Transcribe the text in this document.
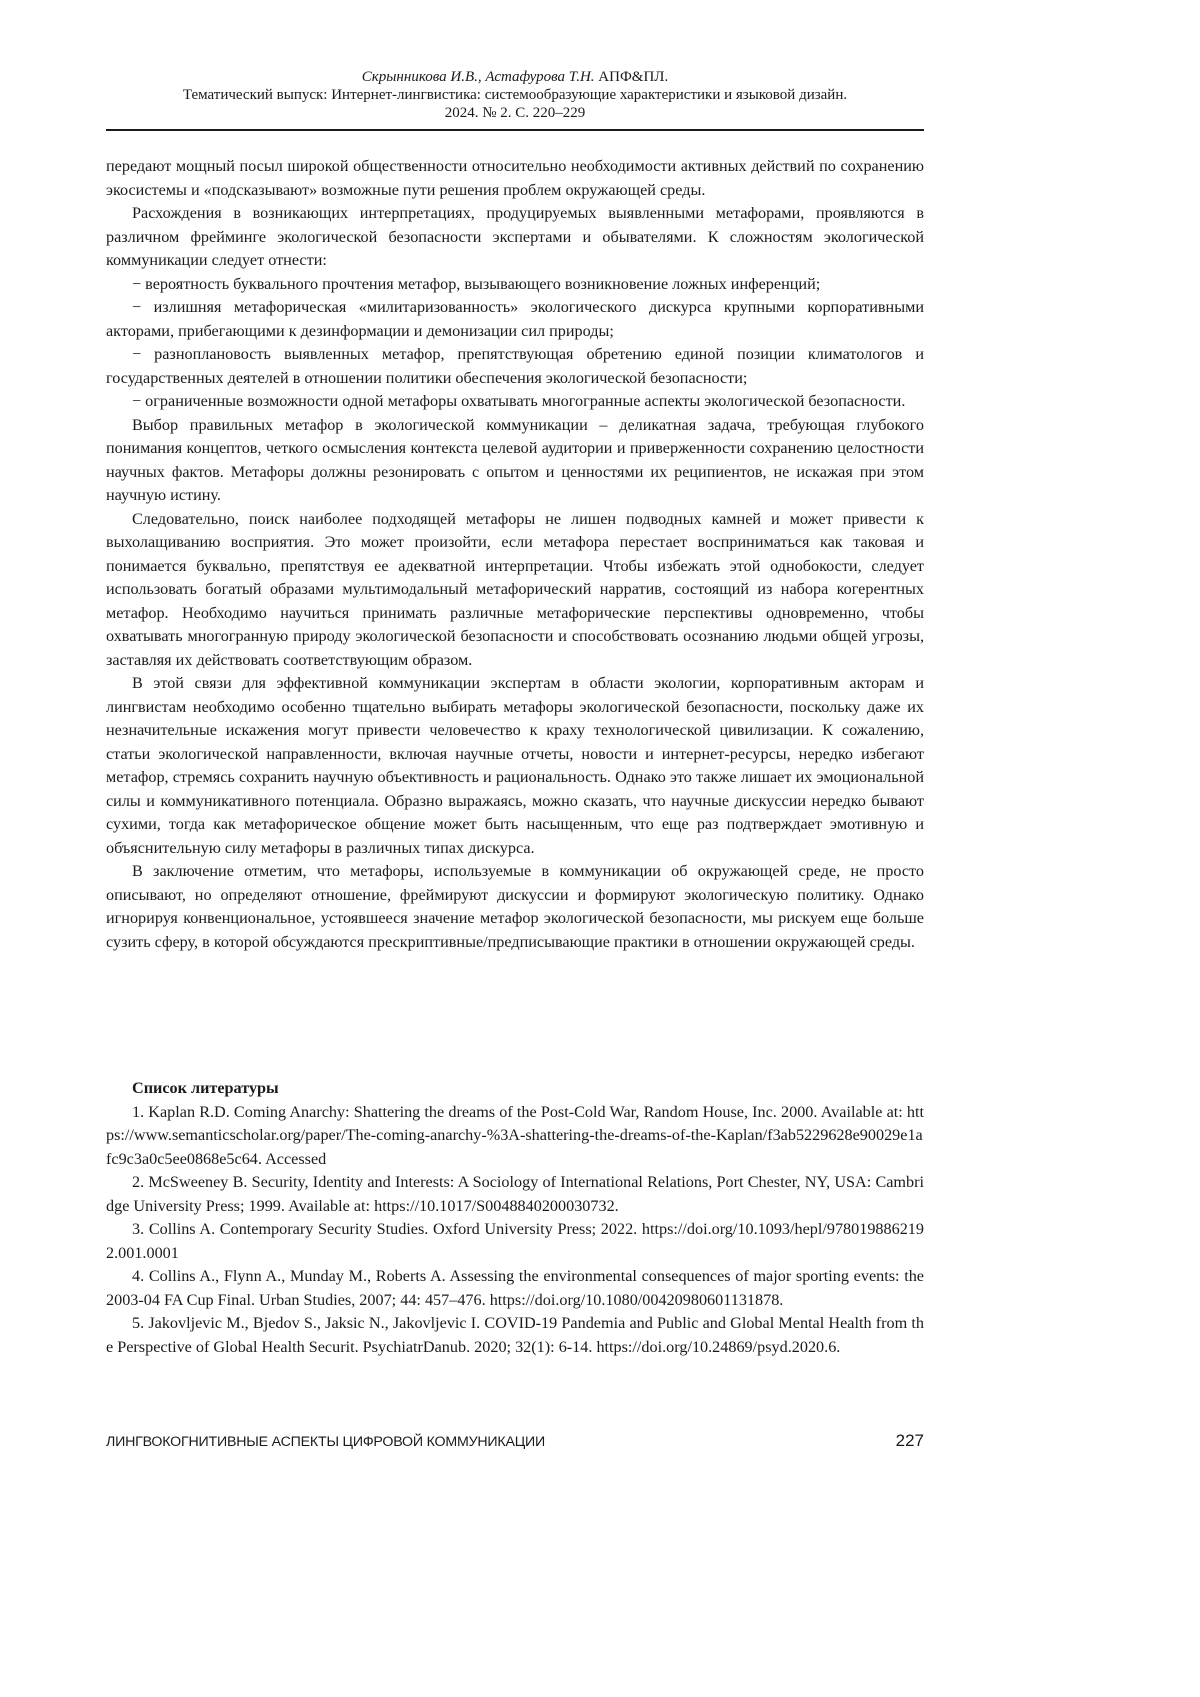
Скрынникова И.В., Астафурова Т.Н. АПФ&ПЛ.
Тематический выпуск: Интернет-лингвистика: системообразующие характеристики и языковой дизайн.
2024. № 2. С. 220–229

передают мощный посыл широкой общественности относительно необходимости активных действий по сохранению экосистемы и «подсказывают» возможные пути решения проблем окружающей среды.

Расхождения в возникающих интерпретациях, продуцируемых выявленными метафорами, проявляются в различном фрейминге экологической безопасности экспертами и обывателями. К сложностям экологической коммуникации следует отнести:

− вероятность буквального прочтения метафор, вызывающего возникновение ложных инференций;

− излишняя метафорическая «милитаризованность» экологического дискурса крупными корпоративными акторами, прибегающими к дезинформации и демонизации сил природы;

− разноплановость выявленных метафор, препятствующая обретению единой позиции климатологов и государственных деятелей в отношении политики обеспечения экологической безопасности;

− ограниченные возможности одной метафоры охватывать многогранные аспекты экологической безопасности.

Выбор правильных метафор в экологической коммуникации – деликатная задача, требующая глубокого понимания концептов, четкого осмысления контекста целевой аудитории и приверженности сохранению целостности научных фактов. Метафоры должны резонировать с опытом и ценностями их реципиентов, не искажая при этом научную истину.

Следовательно, поиск наиболее подходящей метафоры не лишен подводных камней и может привести к выхолащиванию восприятия. Это может произойти, если метафора перестает восприниматься как таковая и понимается буквально, препятствуя ее адекватной интерпретации. Чтобы избежать этой однобокости, следует использовать богатый образами мультимодальный метафорический нарратив, состоящий из набора когерентных метафор. Необходимо научиться принимать различные метафорические перспективы одновременно, чтобы охватывать многогранную природу экологической безопасности и способствовать осознанию людьми общей угрозы, заставляя их действовать соответствующим образом.

В этой связи для эффективной коммуникации экспертам в области экологии, корпоративным акторам и лингвистам необходимо особенно тщательно выбирать метафоры экологической безопасности, поскольку даже их незначительные искажения могут привести человечество к краху технологической цивилизации. К сожалению, статьи экологической направленности, включая научные отчеты, новости и интернет-ресурсы, нередко избегают метафор, стремясь сохранить научную объективность и рациональность. Однако это также лишает их эмоциональной силы и коммуникативного потенциала. Образно выражаясь, можно сказать, что научные дискуссии нередко бывают сухими, тогда как метафорическое общение может быть насыщенным, что еще раз подтверждает эмотивную и объяснительную силу метафоры в различных типах дискурса.

В заключение отметим, что метафоры, используемые в коммуникации об окружающей среде, не просто описывают, но определяют отношение, фреймируют дискуссии и формируют экологическую политику. Однако игнорируя конвенциональное, устоявшееся значение метафор экологической безопасности, мы рискуем еще больше сузить сферу, в которой обсуждаются прескриптивные/предписывающие практики в отношении окружающей среды.

Список литературы

1. Kaplan R.D. Coming Anarchy: Shattering the dreams of the Post-Cold War, Random House, Inc. 2000. Available at: https://www.semanticscholar.org/paper/The-coming-anarchy-%3A-shattering-the-dreams-of-the-Kaplan/f3ab5229628e90029e1afc9c3a0c5ee0868e5c64. Accessed

2. McSweeney B. Security, Identity and Interests: A Sociology of International Relations, Port Chester, NY, USA: Cambridge University Press; 1999. Available at: https://10.1017/S0048840200030732.

3. Collins A. Contemporary Security Studies. Oxford University Press; 2022. https://doi.org/10.1093/hepl/9780198862192.001.0001

4. Collins A., Flynn A., Munday M., Roberts A. Assessing the environmental consequences of major sporting events: the 2003-04 FA Cup Final. Urban Studies, 2007; 44: 457–476. https://doi.org/10.1080/00420980601131878.

5. Jakovljevic M., Bjedov S., Jaksic N., Jakovljevic I. COVID-19 Pandemia and Public and Global Mental Health from the Perspective of Global Health Securit. PsychiatrDanub. 2020; 32(1): 6-14. https://doi.org/10.24869/psyd.2020.6.

ЛИНГВОКОГНИТИВНЫЕ АСПЕКТЫ ЦИФРОВОЙ КОММУНИКАЦИИ	227
